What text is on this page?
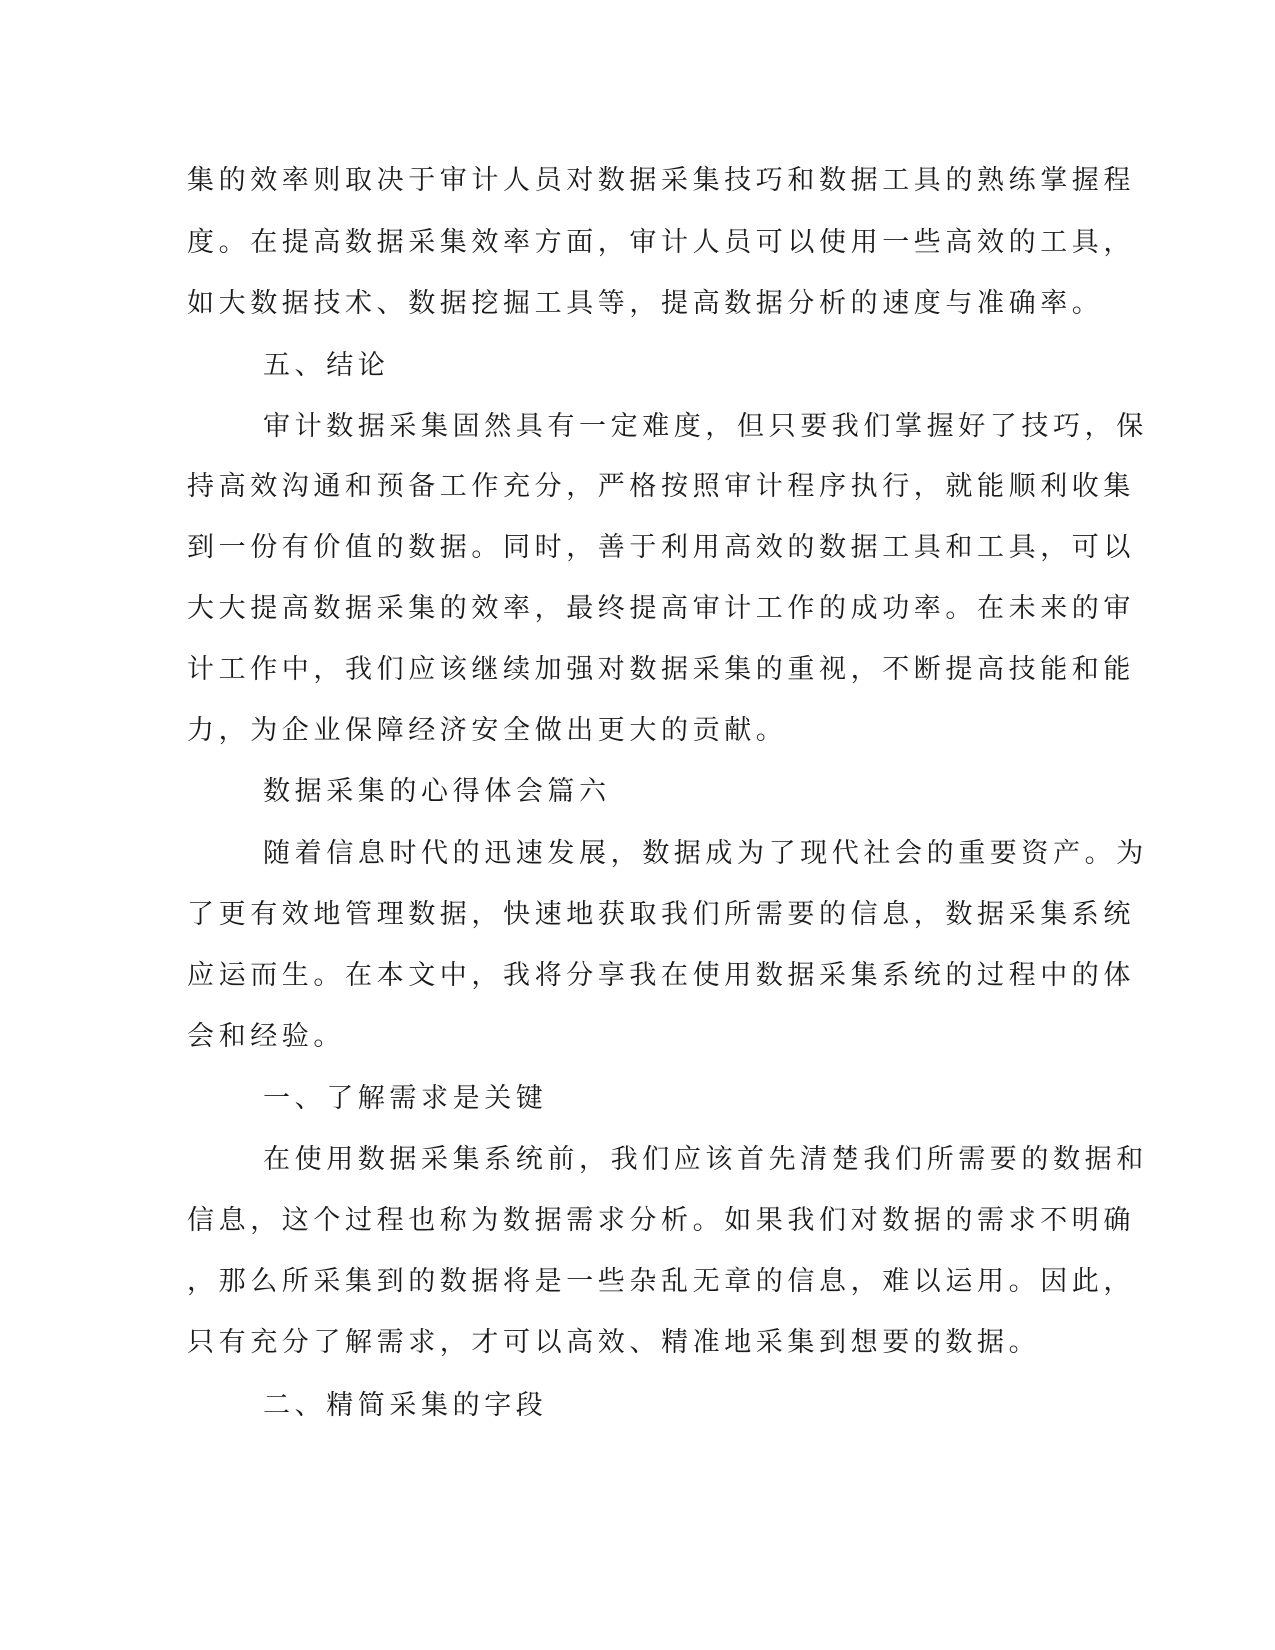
集的效率则取决于审计人员对数据采集技巧和数据工具的熟练掌握程

度。在提高数据采集效率方面，审计人员可以使用一些高效的工具，

如大数据技术、数据挖掘工具等，提高数据分析的速度与准确率。

五、结论

审计数据采集固然具有一定难度，但只要我们掌握好了技巧，保

持高效沟通和预备工作充分，严格按照审计程序执行，就能顺利收集

到一份有价值的数据。同时，善于利用高效的数据工具和工具，可以

大大提高数据采集的效率，最终提高审计工作的成功率。在未来的审

计工作中，我们应该继续加强对数据采集的重视，不断提高技能和能

力，为企业保障经济安全做出更大的贡献。

数据采集的心得体会篇六

随着信息时代的迅速发展，数据成为了现代社会的重要资产。为

了更有效地管理数据，快速地获取我们所需要的信息，数据采集系统

应运而生。在本文中，我将分享我在使用数据采集系统的过程中的体

会和经验。

一、了解需求是关键

在使用数据采集系统前，我们应该首先清楚我们所需要的数据和

信息，这个过程也称为数据需求分析。如果我们对数据的需求不明确

，那么所采集到的数据将是一些杂乱无章的信息，难以运用。因此，

只有充分了解需求，才可以高效、精准地采集到想要的数据。

二、精简采集的字段
